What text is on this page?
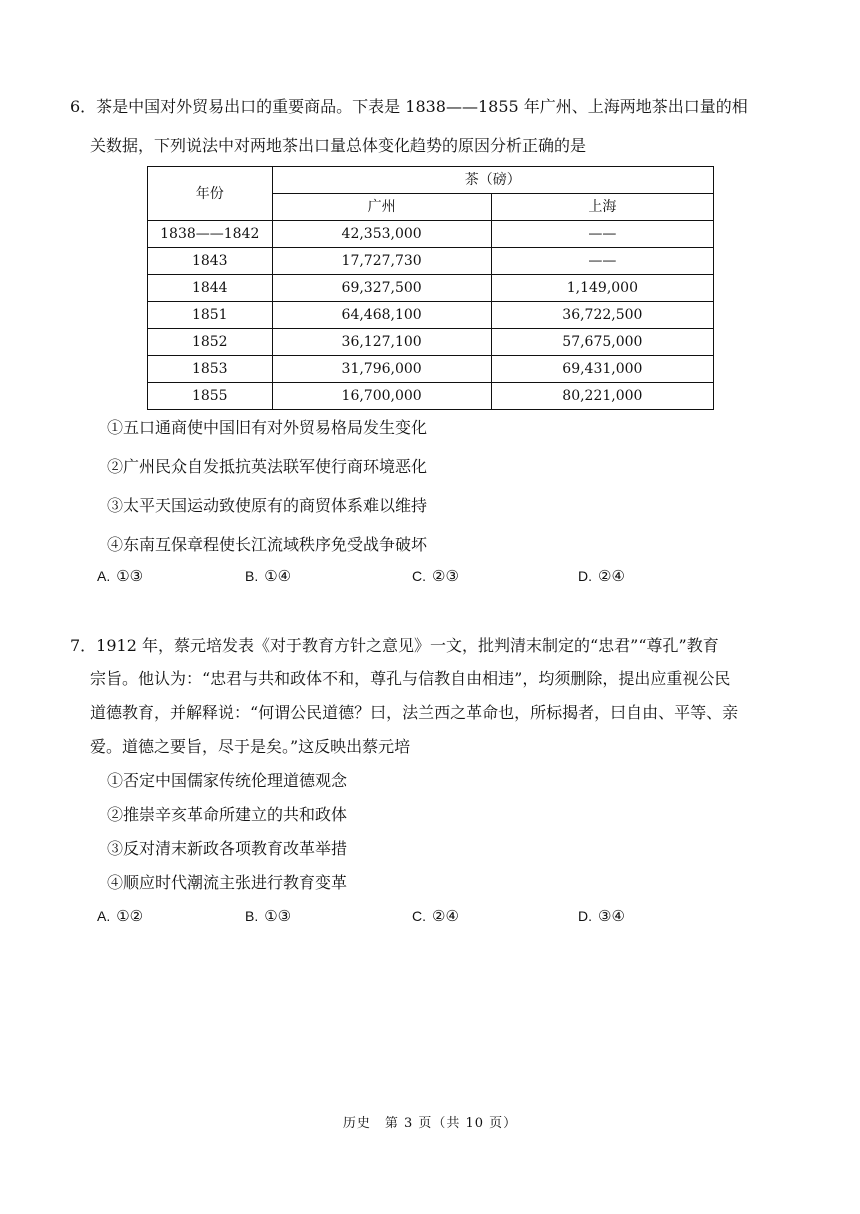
6．茶是中国对外贸易出口的重要商品。下表是 1838——1855 年广州、上海两地茶出口量的相
关数据，下列说法中对两地茶出口量总体变化趋势的原因分析正确的是
年份	茶（磅）	
	广州	上海
1838——1842	42,353,000	——
1843	17,727,730	——
1844	69,327,500	1,149,000
1851	64,468,100	36,722,500
1852	36,127,100	57,675,000
1853	31,796,000	69,431,000
1855	16,700,000	80,221,000
①五口通商使中国旧有对外贸易格局发生变化
②广州民众自发抵抗英法联军使行商环境恶化
③太平天国运动致使原有的商贸体系难以维持
④东南互保章程使长江流域秩序免受战争破坏
A. ①③	B. ①④	C. ②③	D. ②④
7．1912 年，蔡元培发表《对于教育方针之意见》一文，批判清末制定的“忠君”“尊孔”教育
宗旨。他认为：“忠君与共和政体不和，尊孔与信教自由相违”，均须删除，提出应重视公民
道德教育，并解释说：“何谓公民道德？曰，法兰西之革命也，所标揭者，曰自由、平等、亲
爱。道德之要旨，尽于是矣。”这反映出蔡元培
①否定中国儒家传统伦理道德观念
②推崇辛亥革命所建立的共和政体
③反对清末新政各项教育改革举措
④顺应时代潮流主张进行教育变革
A. ①②	B. ①③	C. ②④	D. ③④
历史　第 3 页（共 10 页）
